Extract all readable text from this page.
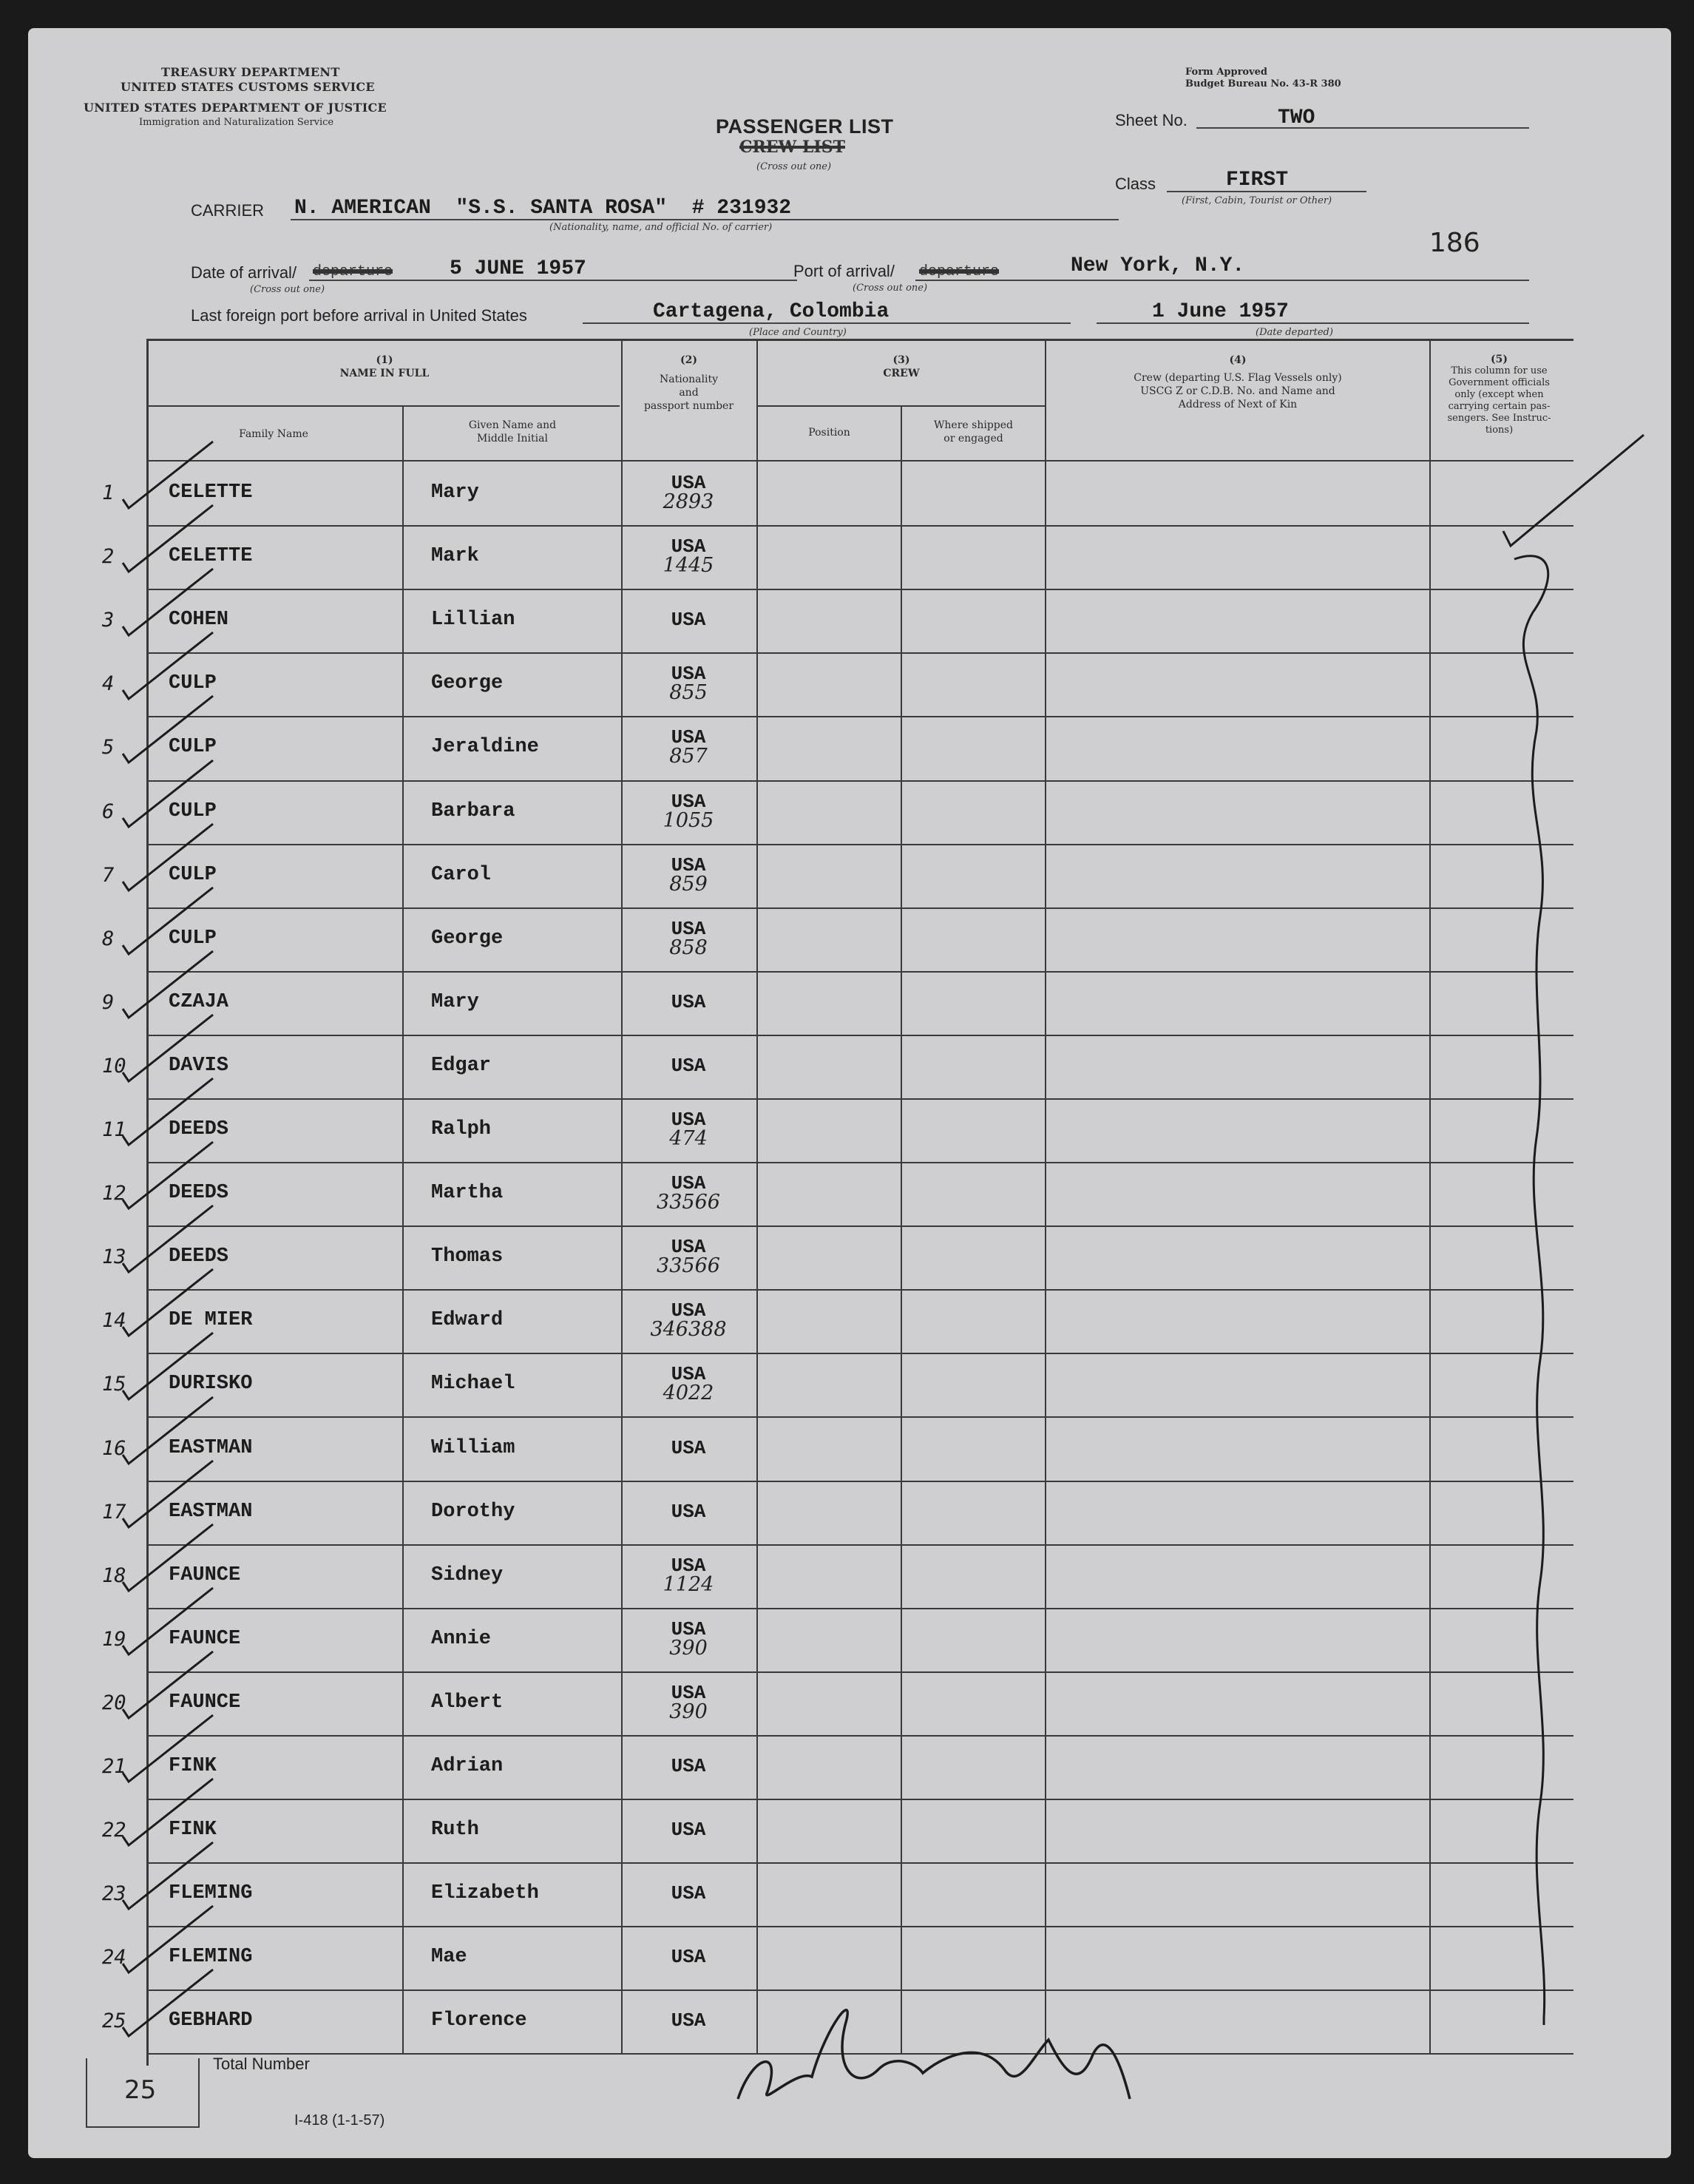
TREASURY DEPARTMENT
UNITED STATES CUSTOMS SERVICE
UNITED STATES DEPARTMENT OF JUSTICE
Immigration and Naturalization Service
Form Approved
Budget Bureau No. 43-R 380
PASSENGER LIST
CREW LIST
(Cross out one)
Sheet No.	TWO
Class	FIRST
(First, Cabin, Tourist or Other)
186
CARRIER N. AMERICAN  "S.S. SANTA ROSA"  # 231932
(Nationality, name, and official No. of carrier)
Date of arrival/ departure
(Cross out one)
5 JUNE 1957	Port of arrival/ departure
(Cross out one)
New York, N.Y.
Last foreign port before arrival in United States	Cartagena, Colombia
(Place and Country)
1 June 1957
(Date departed)
(1)
NAME IN FULL
Family Name
Given Name and
Middle Initial
(2)
Nationality
and
passport number
(3)
CREW
Position
Where shipped
or engaged
(4)
Crew (departing U.S. Flag Vessels only)
USCG Z or C.D.B. No. and Name and
Address of Next of Kin
(5)
This column for use
Government officials
only (except when
carrying certain pas-
sengers. See Instruc-
tions)
1	CELETTE	Mary	USA
2893
2	CELETTE	Mark	USA
1445
3	COHEN	Lillian	USA
4	CULP	George	USA
855
5	CULP	Jeraldine	USA
857
6	CULP	Barbara	USA
1055
7	CULP	Carol	USA
859
8	CULP	George	USA
858
9	CZAJA	Mary	USA
10 DAVIS	Edgar	USA
11 DEEDS	Ralph	USA
474
12 DEEDS	Martha	USA
33566
13 DEEDS	Thomas	USA
33566
14 DE MIER	Edward	USA
346388
15 DURISKO	Michael	USA
4022
16 EASTMAN	William	USA
17 EASTMAN	Dorothy	USA
18 FAUNCE	Sidney	USA
1124
19 FAUNCE	Annie	USA
390
20 FAUNCE	Albert	USA
390
21 FINK	Adrian	USA
22 FINK	Ruth	USA
23 FLEMING	Elizabeth	USA
24 FLEMING	Mae	USA
25 GEBHARD	Florence	USA
25
Total Number
I-418 (1-1-57)
